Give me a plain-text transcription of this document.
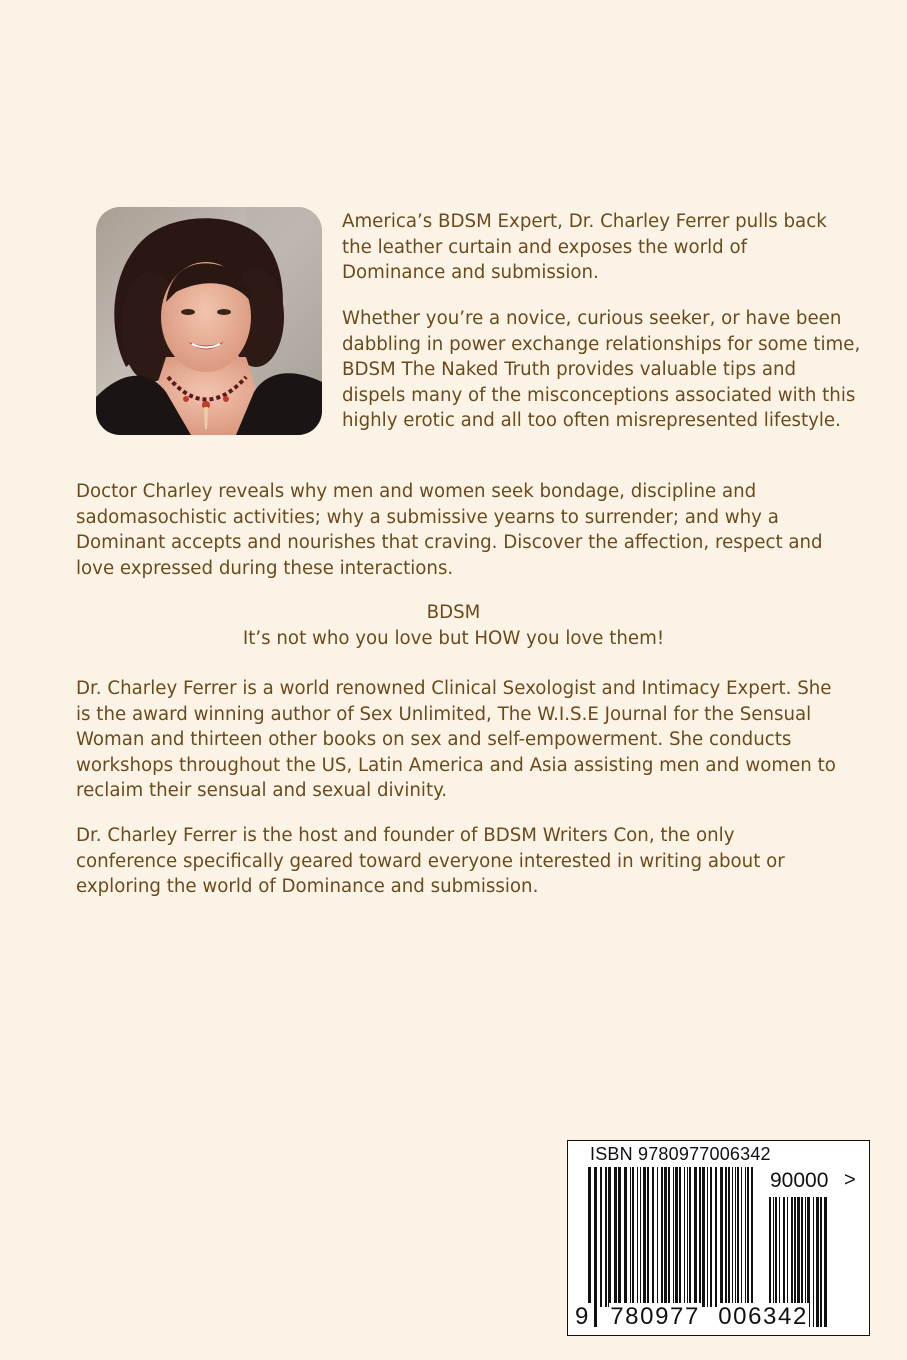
America’s BDSM Expert, Dr. Charley Ferrer pulls back the leather curtain and exposes the world of Dominance and submission.

Whether you’re a novice, curious seeker, or have been dabbling in power exchange relationships for some time, BDSM The Naked Truth provides valuable tips and dispels many of the misconceptions associated with this highly erotic and all too often misrepresented lifestyle.

Doctor Charley reveals why men and women seek bondage, discipline and sadomasochistic activities; why a submissive yearns to surrender; and why a Dominant accepts and nourishes that craving. Discover the affection, respect and love expressed during these interactions.

BDSM
It’s not who you love but HOW you love them!

Dr. Charley Ferrer is a world renowned Clinical Sexologist and Intimacy Expert. She is the award winning author of Sex Unlimited, The W.I.S.E Journal for the Sensual Woman and thirteen other books on sex and self-empowerment. She conducts workshops throughout the US, Latin America and Asia assisting men and women to reclaim their sensual and sexual divinity.

Dr. Charley Ferrer is the host and founder of BDSM Writers Con, the only conference specifically geared toward everyone interested in writing about or exploring the world of Dominance and submission.

ISBN 9780977006342
90000 >
9 780977 006342
